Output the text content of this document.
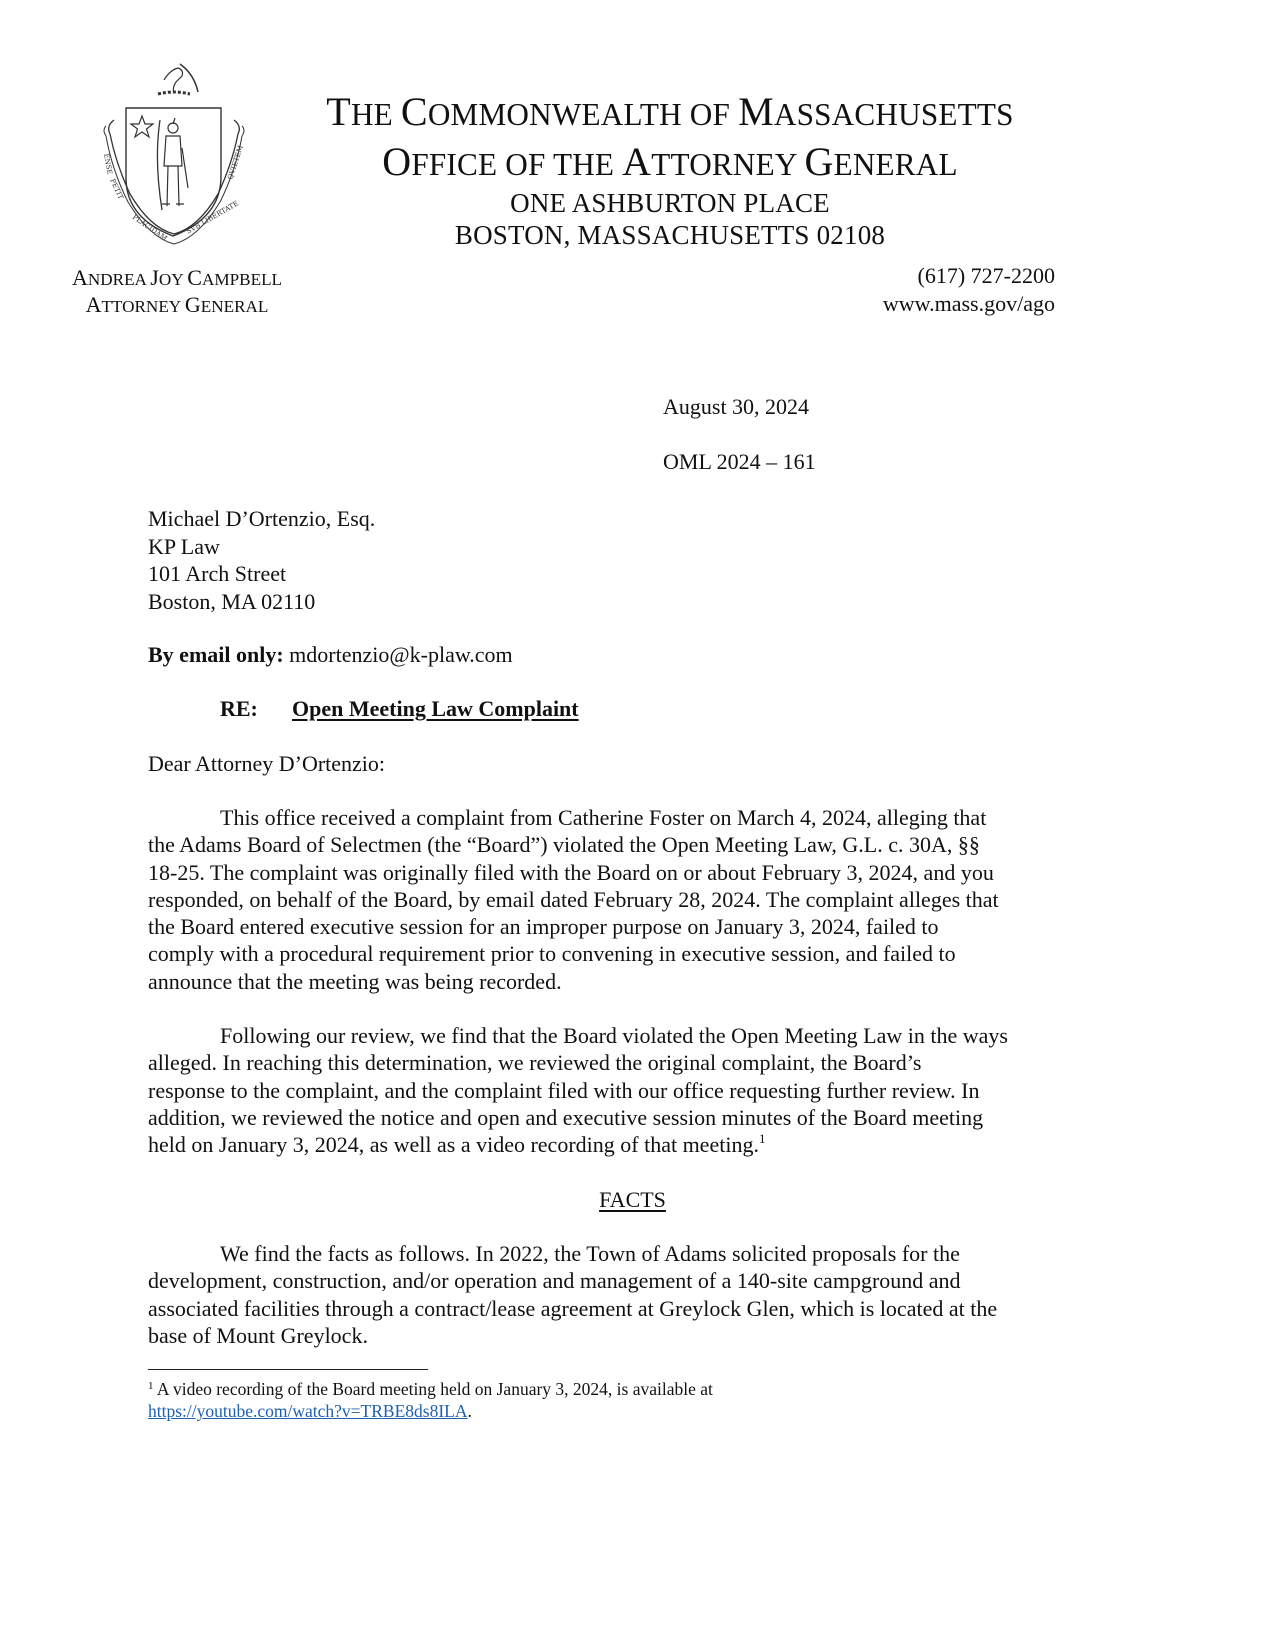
ENSE
PETIT
PLACIDAM SVB LIBERTATE
QVIETEM
THE COMMONWEALTH OF MASSACHUSETTS
OFFICE OF THE ATTORNEY GENERAL
ONE ASHBURTON PLACE
BOSTON, MASSACHUSETTS 02108
ANDREA JOY CAMPBELL
ATTORNEY GENERAL
(617) 727-2200
www.mass.gov/ago
August 30, 2024
OML 2024 – 161
Michael D’Ortenzio, Esq.
KP Law
101 Arch Street
Boston, MA 02110
By email only: mdortenzio@k-plaw.com
RE: Open Meeting Law Complaint
Dear Attorney D’Ortenzio:
This office received a complaint from Catherine Foster on March 4, 2024, alleging that
the Adams Board of Selectmen (the “Board”) violated the Open Meeting Law, G.L. c. 30A, §§
18-25. The complaint was originally filed with the Board on or about February 3, 2024, and you
responded, on behalf of the Board, by email dated February 28, 2024. The complaint alleges that
the Board entered executive session for an improper purpose on January 3, 2024, failed to
comply with a procedural requirement prior to convening in executive session, and failed to
announce that the meeting was being recorded.
Following our review, we find that the Board violated the Open Meeting Law in the ways
alleged. In reaching this determination, we reviewed the original complaint, the Board’s
response to the complaint, and the complaint filed with our office requesting further review. In
addition, we reviewed the notice and open and executive session minutes of the Board meeting
held on January 3, 2024, as well as a video recording of that meeting.$^1$
FACTS
We find the facts as follows. In 2022, the Town of Adams solicited proposals for the
development, construction, and/or operation and management of a 140-site campground and
associated facilities through a contract/lease agreement at Greylock Glen, which is located at the
base of Mount Greylock.
$^1$ A video recording of the Board meeting held on January 3, 2024, is available at
https://youtube.com/watch?v=TRBE8ds8ILA.
